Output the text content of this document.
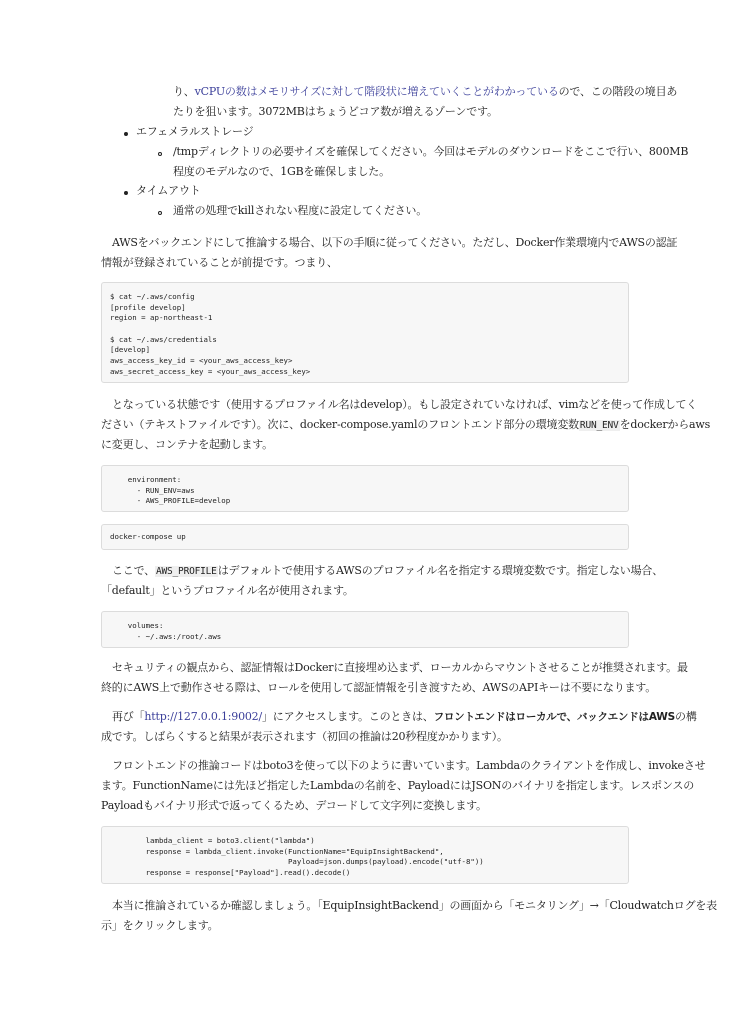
り、vCPUの数はメモリサイズに対して階段状に増えていくことがわかっているので、この階段の境目あ
たりを狙います。3072MBはちょうどコア数が増えるゾーンです。
エフェメラルストレージ
/tmpディレクトリの必要サイズを確保してください。今回はモデルのダウンロードをここで行い、800MB
程度のモデルなので、1GBを確保しました。
タイムアウト
通常の処理でkillされない程度に設定してください。
AWSをバックエンドにして推論する場合、以下の手順に従ってください。ただし、Docker作業環境内でAWSの認証
情報が登録されていることが前提です。つまり、
$ cat ~/.aws/config
[profile develop]
region = ap-northeast-1
$ cat ~/.aws/credentials
[develop]
aws_access_key_id = <your_aws_access_key>
aws_secret_access_key = <your_aws_access_key>
となっている状態です（使用するプロファイル名はdevelop）。もし設定されていなければ、vimなどを使って作成してく
ださい（テキストファイルです）。次に、docker-compose.yamlのフロントエンド部分の環境変数RUN_ENVをdockerからaws
に変更し、コンテナを起動します。
environment:
- RUN_ENV=aws
- AWS_PROFILE=develop
docker-compose up
ここで、AWS_PROFILEはデフォルトで使用するAWSのプロファイル名を指定する環境変数です。指定しない場合、
「default」というプロファイル名が使用されます。
volumes:
- ~/.aws:/root/.aws
セキュリティの観点から、認証情報はDockerに直接埋め込まず、ローカルからマウントさせることが推奨されます。最
終的にAWS上で動作させる際は、ロールを使用して認証情報を引き渡すため、AWSのAPIキーは不要になります。
再び「http://127.0.0.1:9002/」にアクセスします。このときは、フロントエンドはローカルで、バックエンドはAWSの構
成です。しばらくすると結果が表示されます（初回の推論は20秒程度かかります）。
フロントエンドの推論コードはboto3を使って以下のように書いています。Lambdaのクライアントを作成し、invokeさせ
ます。FunctionNameには先ほど指定したLambdaの名前を、PayloadにはJSONのバイナリを指定します。レスポンスの
Payloadもバイナリ形式で返ってくるため、デコードして文字列に変換します。
lambda_client = boto3.client("lambda")
response = lambda_client.invoke(FunctionName="EquipInsightBackend",
Payload=json.dumps(payload).encode("utf-8"))
response = response["Payload"].read().decode()
本当に推論されているか確認しましょう。「EquipInsightBackend」の画面から「モニタリング」→「Cloudwatchログを表
示」をクリックします。
